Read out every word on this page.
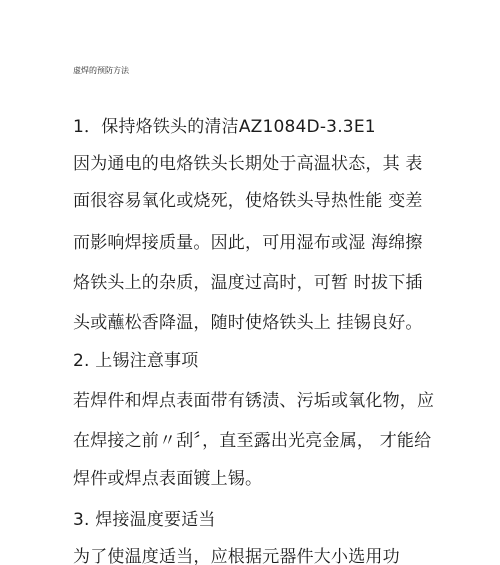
虚焊的预防方法
1．保持烙铁头的清洁AZ1084D-3.3E1
因为通电的电烙铁头长期处于高温状态，其 表
面很容易氧化或烧死，使烙铁头导热性能 变差
而影响焊接质量。因此，可用湿布或湿 海绵擦
烙铁头上的杂质，温度过高时，可暂 时拔下插
头或蘸松香降温，随时使烙铁头上 挂锡良好。
2. 上锡注意事项
若焊件和焊点表面带有锈渍、污垢或氧化物，应
在焊接之前〃刮〞，直至露出光亮金属， 才能给
焊件或焊点表面镀上锡。
3. 焊接温度要适当
为了使温度适当，应根据元器件大小选用功
